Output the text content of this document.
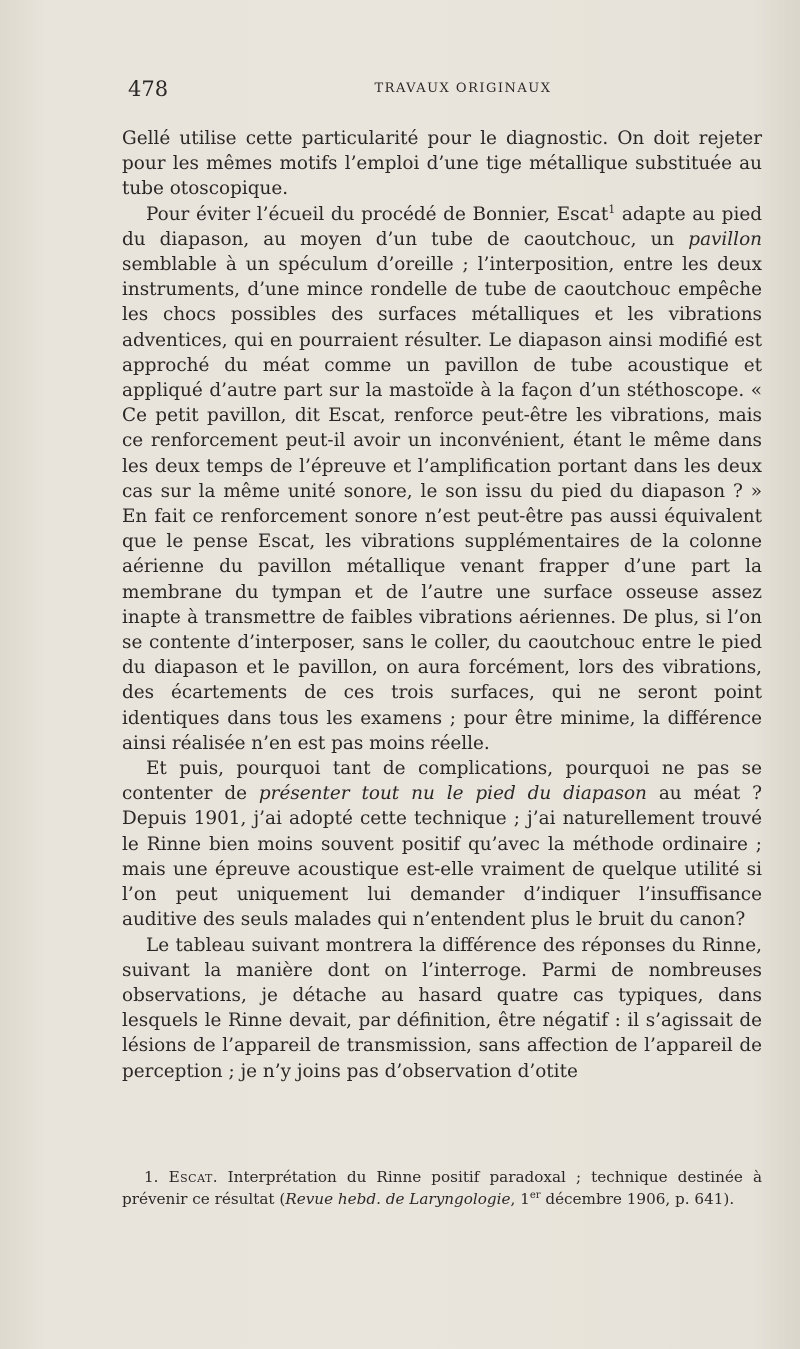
478	TRAVAUX ORIGINAUX

Gellé utilise cette particularité pour le diagnostic. On doit rejeter pour les mêmes motifs l’emploi d’une tige métallique substituée au tube otoscopique.

Pour éviter l’écueil du procédé de Bonnier, Escat$^1$ adapte au pied du diapason, au moyen d’un tube de caoutchouc, un pavillon semblable à un spéculum d’oreille ; l’interposition, entre les deux instruments, d’une mince rondelle de tube de caoutchouc empêche les chocs possibles des surfaces métalliques et les vibrations adventices, qui en pourraient résulter. Le diapason ainsi modifié est approché du méat comme un pavillon de tube acoustique et appliqué d’autre part sur la mastoïde à la façon d’un stéthoscope. « Ce petit pavillon, dit Escat, renforce peut-être les vibrations, mais ce renforcement peut-il avoir un inconvénient, étant le même dans les deux temps de l’épreuve et l’amplification portant dans les deux cas sur la même unité sonore, le son issu du pied du diapason ? » En fait ce renforcement sonore n’est peut-être pas aussi équivalent que le pense Escat, les vibrations supplémentaires de la colonne aérienne du pavillon métallique venant frapper d’une part la membrane du tympan et de l’autre une surface osseuse assez inapte à transmettre de faibles vibrations aériennes. De plus, si l’on se contente d’interposer, sans le coller, du caoutchouc entre le pied du diapason et le pavillon, on aura forcément, lors des vibrations, des écartements de ces trois surfaces, qui ne seront point identiques dans tous les examens ; pour être minime, la différence ainsi réalisée n’en est pas moins réelle.

Et puis, pourquoi tant de complications, pourquoi ne pas se contenter de présenter tout nu le pied du diapason au méat ? Depuis 1901, j’ai adopté cette technique ; j’ai naturellement trouvé le Rinne bien moins souvent positif qu’avec la méthode ordinaire ; mais une épreuve acoustique est-elle vraiment de quelque utilité si l’on peut uniquement lui demander d’indiquer l’insuffisance auditive des seuls malades qui n’entendent plus le bruit du canon?

Le tableau suivant montrera la différence des réponses du Rinne, suivant la manière dont on l’interroge. Parmi de nombreuses observations, je détache au hasard quatre cas typiques, dans lesquels le Rinne devait, par définition, être négatif : il s’agissait de lésions de l’appareil de transmission, sans affection de l’appareil de perception ; je n’y joins pas d’observation d’otite

1. Escat. Interprétation du Rinne positif paradoxal ; technique destinée à prévenir ce résultat (Revue hebd. de Laryngologie, 1er décembre 1906, p. 641).
